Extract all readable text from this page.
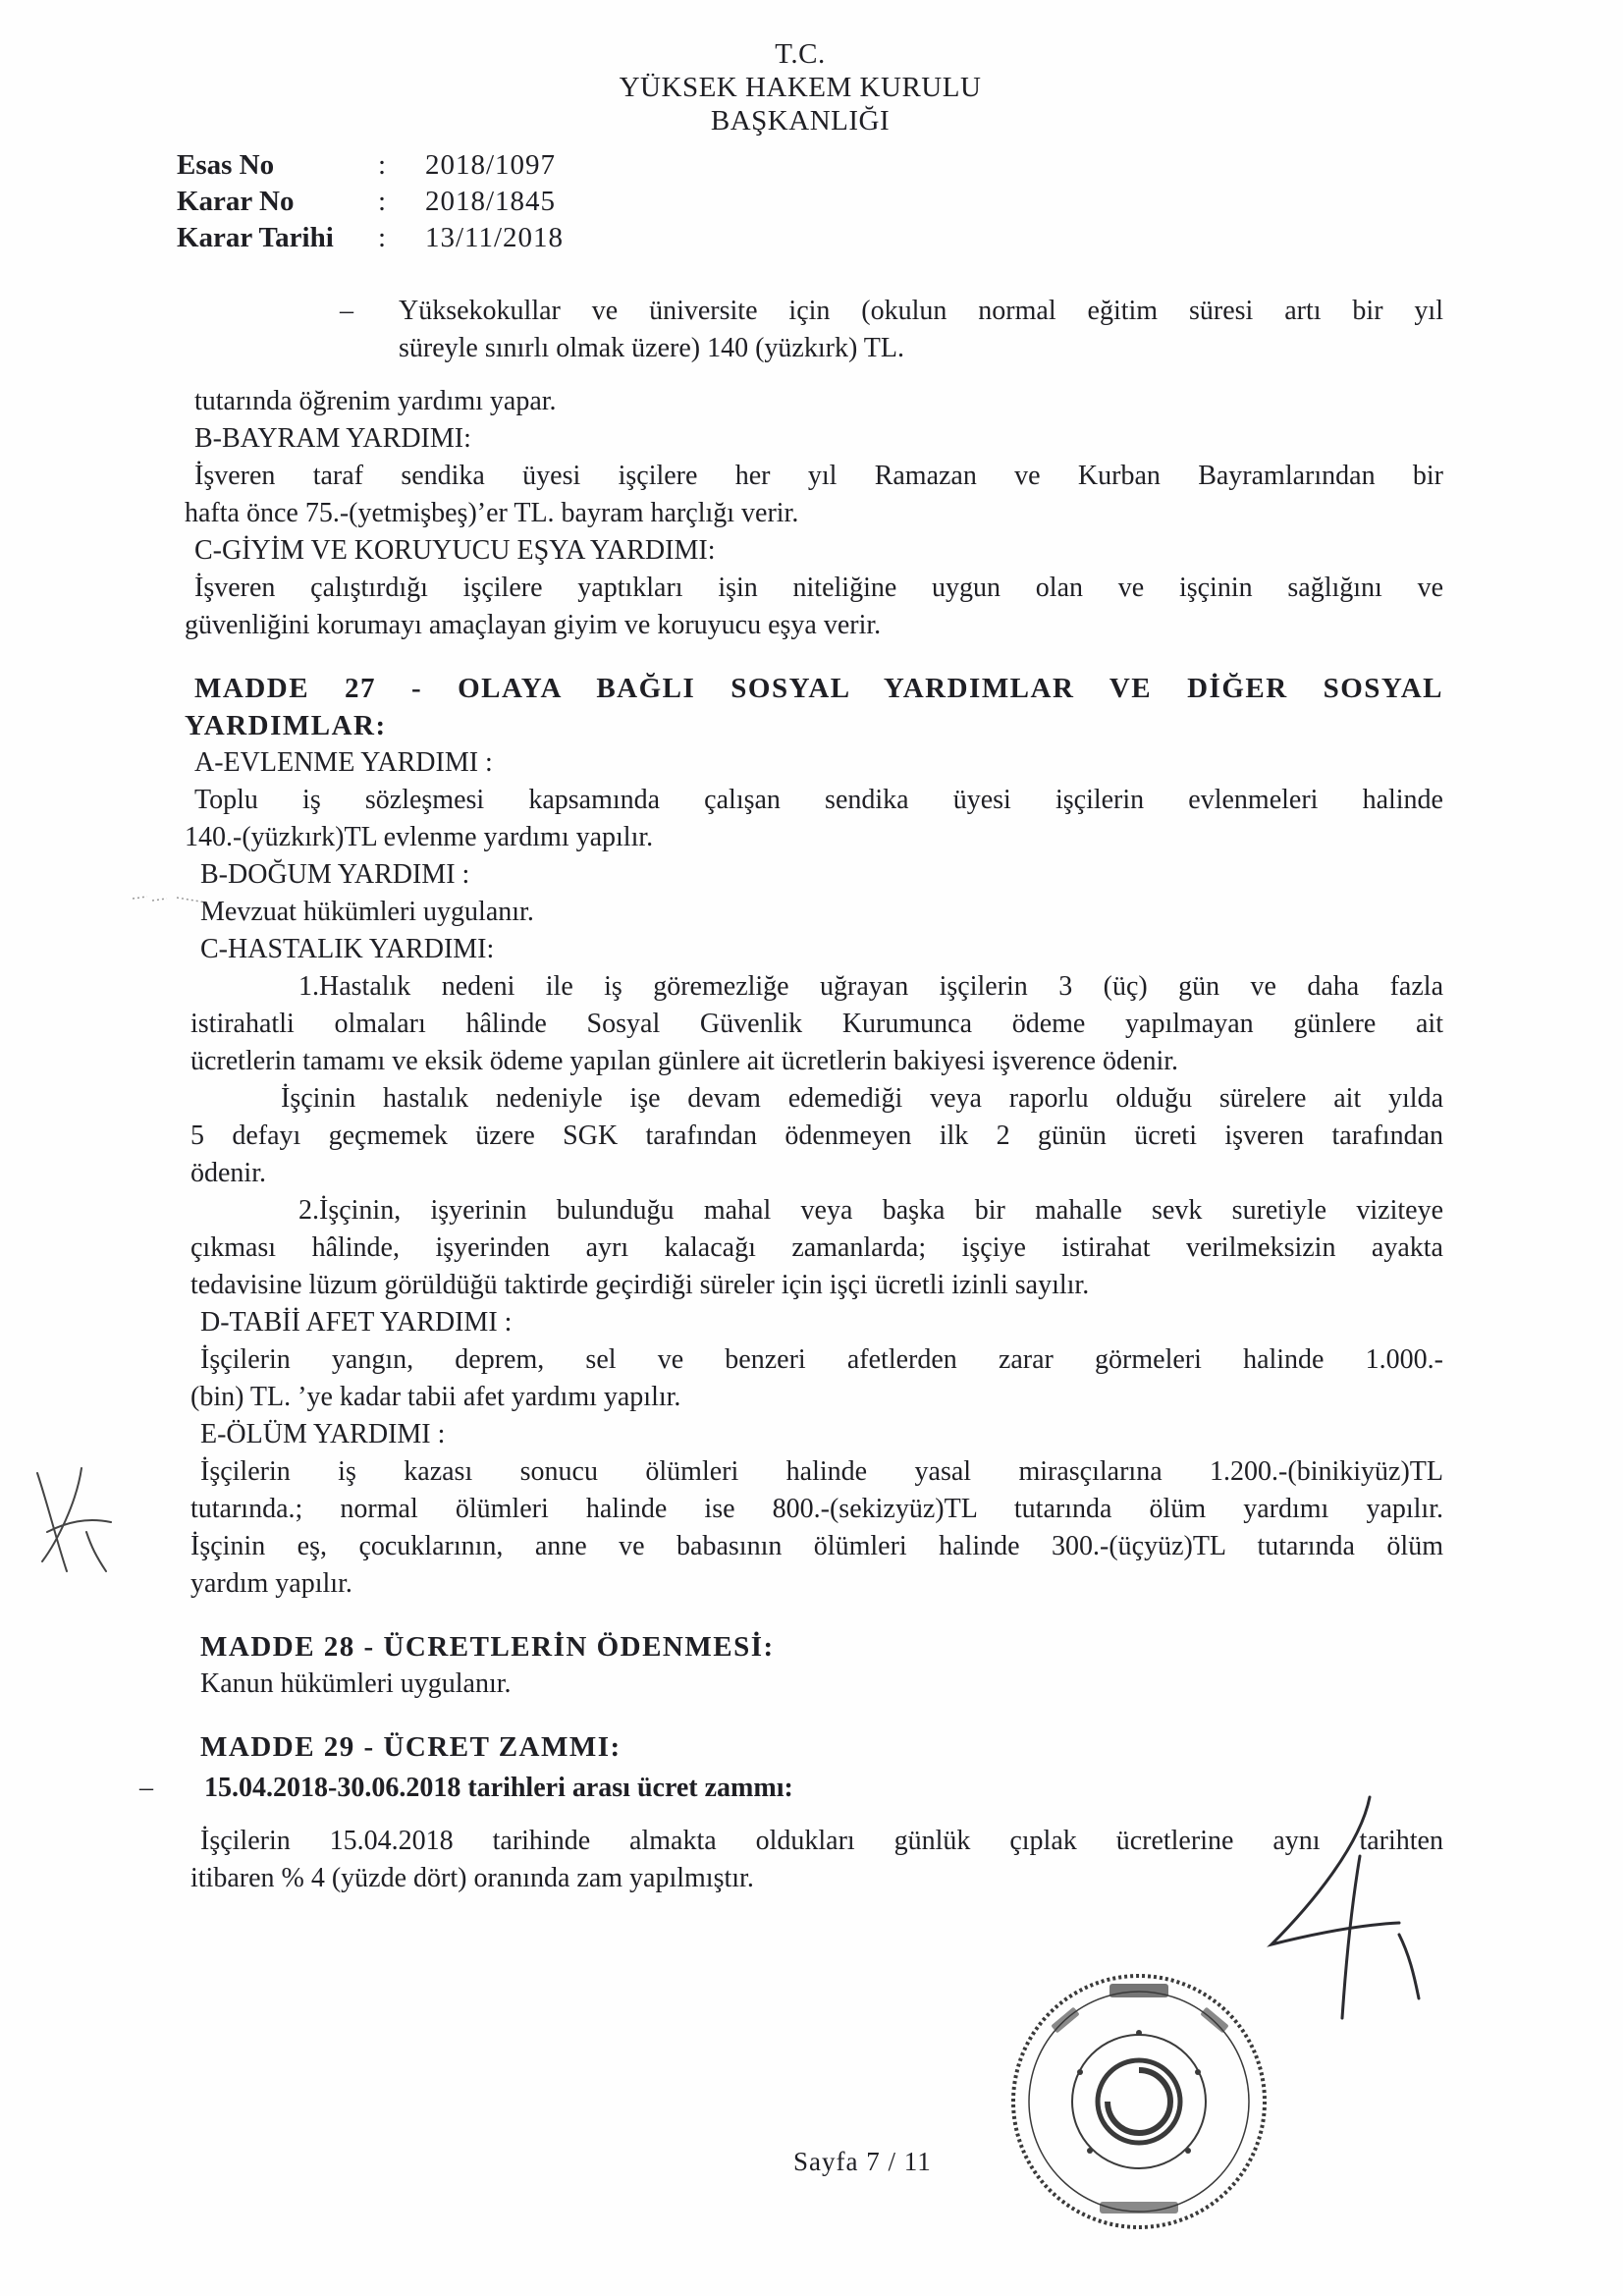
T.C.
YÜKSEK HAKEM KURULU
BAŞKANLIĞI
Esas No	:	2018/1097
Karar No	:	2018/1845
Karar Tarihi	:	13/11/2018
–	Yüksekokullar ve üniversite için (okulun normal eğitim süresi artı bir yıl
süreyle sınırlı olmak üzere) 140 (yüzkırk) TL.
tutarında öğrenim yardımı yapar.
B-BAYRAM YARDIMI:
İşveren taraf sendika üyesi işçilere her yıl Ramazan ve Kurban Bayramlarından bir
hafta önce 75.-(yetmişbeş)’er TL. bayram harçlığı verir.
C-GİYİM VE KORUYUCU EŞYA YARDIMI:
İşveren çalıştırdığı işçilere yaptıkları işin niteliğine uygun olan ve işçinin sağlığını ve
güvenliğini korumayı amaçlayan giyim ve koruyucu eşya verir.
MADDE 27 - OLAYA BAĞLI SOSYAL YARDIMLAR VE DİĞER SOSYAL
YARDIMLAR:
A-EVLENME YARDIMI :
Toplu iş sözleşmesi kapsamında çalışan sendika üyesi işçilerin evlenmeleri halinde
140.-(yüzkırk)TL evlenme yardımı yapılır.
B-DOĞUM YARDIMI :
Mevzuat hükümleri uygulanır.
C-HASTALIK YARDIMI:
1.Hastalık nedeni ile iş göremezliğe uğrayan işçilerin 3 (üç) gün ve daha fazla
istirahatli olmaları hâlinde Sosyal Güvenlik Kurumunca ödeme yapılmayan günlere ait
ücretlerin tamamı ve eksik ödeme yapılan günlere ait ücretlerin bakiyesi işverence ödenir.
İşçinin hastalık nedeniyle işe devam edemediği veya raporlu olduğu sürelere ait yılda
5 defayı geçmemek üzere SGK tarafından ödenmeyen ilk 2 günün ücreti işveren tarafından
ödenir.
2.İşçinin, işyerinin bulunduğu mahal veya başka bir mahalle sevk suretiyle viziteye
çıkması hâlinde, işyerinden ayrı kalacağı zamanlarda; işçiye istirahat verilmeksizin ayakta
tedavisine lüzum görüldüğü taktirde geçirdiği süreler için işçi ücretli izinli sayılır.
D-TABİİ AFET YARDIMI :
İşçilerin yangın, deprem, sel ve benzeri afetlerden zarar görmeleri halinde 1.000.-
(bin) TL. ’ye kadar tabii afet yardımı yapılır.
E-ÖLÜM YARDIMI :
İşçilerin iş kazası sonucu ölümleri halinde yasal mirasçılarına 1.200.-(binikiyüz)TL
tutarında.; normal ölümleri halinde ise 800.-(sekizyüz)TL tutarında ölüm yardımı yapılır.
İşçinin eş, çocuklarının, anne ve babasının ölümleri halinde 300.-(üçyüz)TL tutarında ölüm
yardım yapılır.
MADDE 28 - ÜCRETLERİN ÖDENMESİ:
Kanun hükümleri uygulanır.
MADDE 29 - ÜCRET ZAMMI:
–	15.04.2018-30.06.2018 tarihleri arası ücret zammı:
İşçilerin 15.04.2018 tarihinde almakta oldukları günlük çıplak ücretlerine aynı tarihten
itibaren % 4 (yüzde dört) oranında zam yapılmıştır.
Sayfa 7 / 11
